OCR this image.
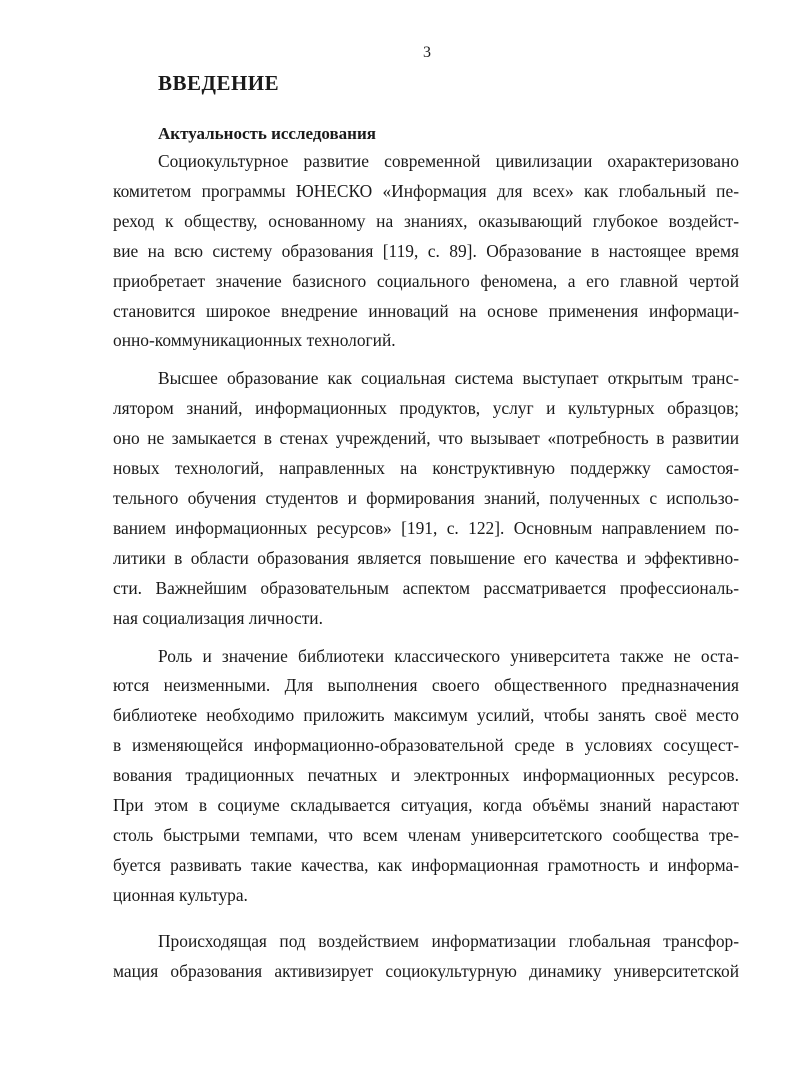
3
ВВЕДЕНИЕ
Актуальность исследования
Социокультурное развитие современной цивилизации охарактеризовано
комитетом программы ЮНЕСКО «Информация для всех» как глобальный пе-
реход к обществу, основанному на знаниях, оказывающий глубокое воздейст-
вие на всю систему образования [119, с. 89]. Образование в настоящее время
приобретает значение базисного социального феномена, а его главной чертой
становится широкое внедрение инноваций на основе применения информаци-
онно-коммуникационных технологий.
Высшее образование как социальная система выступает открытым транс-
лятором знаний, информационных продуктов, услуг и культурных образцов;
оно не замыкается в стенах учреждений, что вызывает «потребность в развитии
новых технологий, направленных на конструктивную поддержку самостоя-
тельного обучения студентов и формирования знаний, полученных с использо-
ванием информационных ресурсов» [191, с. 122]. Основным направлением по-
литики в области образования является повышение его качества и эффективно-
сти. Важнейшим образовательным аспектом рассматривается профессиональ-
ная социализация личности.
Роль и значение библиотеки классического университета также не оста-
ются неизменными. Для выполнения своего общественного предназначения
библиотеке необходимо приложить максимум усилий, чтобы занять своё место
в изменяющейся информационно-образовательной среде в условиях сосущест-
вования традиционных печатных и электронных информационных ресурсов.
При этом в социуме складывается ситуация, когда объёмы знаний нарастают
столь быстрыми темпами, что всем членам университетского сообщества тре-
буется развивать такие качества, как информационная грамотность и информа-
ционная культура.
Происходящая под воздействием информатизации глобальная трансфор-
мация образования активизирует социокультурную динамику университетской
